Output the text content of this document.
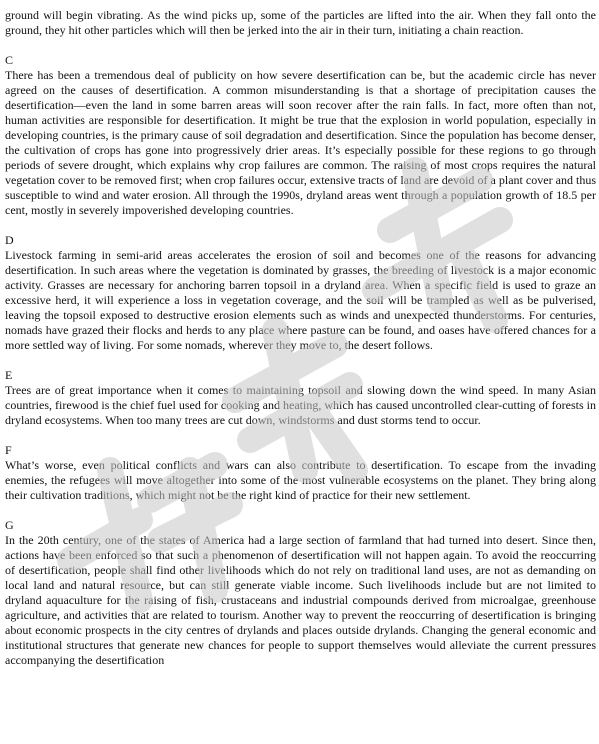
ground will begin vibrating. As the wind picks up, some of the particles are lifted into the air. When they fall onto the ground, they hit other particles which will then be jerked into the air in their turn, initiating a chain reaction.

C

There has been a tremendous deal of publicity on how severe desertification can be, but the academic circle has never agreed on the causes of desertification. A common misunderstanding is that a shortage of precipitation causes the desertification—even the land in some barren areas will soon recover after the rain falls. In fact, more often than not, human activities are responsible for desertification. It might be true that the explosion in world population, especially in developing countries, is the primary cause of soil degradation and desertification. Since the population has become denser, the cultivation of crops has gone into progressively drier areas. It’s especially possible for these regions to go through periods of severe drought, which explains why crop failures are common. The raising of most crops requires the natural vegetation cover to be removed first; when crop failures occur, extensive tracts of land are devoid of a plant cover and thus susceptible to wind and water erosion. All through the 1990s, dryland areas went through a population growth of 18.5 per cent, mostly in severely impoverished developing countries.

D

Livestock farming in semi-arid areas accelerates the erosion of soil and becomes one of the reasons for advancing desertification. In such areas where the vegetation is dominated by grasses, the breeding of livestock is a major economic activity. Grasses are necessary for anchoring barren topsoil in a dryland area. When a specific field is used to graze an excessive herd, it will experience a loss in vegetation coverage, and the soil will be trampled as well as be pulverised, leaving the topsoil exposed to destructive erosion elements such as winds and unexpected thunderstorms. For centuries, nomads have grazed their flocks and herds to any place where pasture can be found, and oases have offered chances for a more settled way of living. For some nomads, wherever they move to, the desert follows.

E

Trees are of great importance when it comes to maintaining topsoil and slowing down the wind speed. In many Asian countries, firewood is the chief fuel used for cooking and heating, which has caused uncontrolled clear-cutting of forests in dryland ecosystems. When too many trees are cut down, windstorms and dust storms tend to occur.

F

What’s worse, even political conflicts and wars can also contribute to desertification. To escape from the invading enemies, the refugees will move altogether into some of the most vulnerable ecosystems on the planet. They bring along their cultivation traditions, which might not be the right kind of practice for their new settlement.

G

In the 20th century, one of the states of America had a large section of farmland that had turned into desert. Since then, actions have been enforced so that such a phenomenon of desertification will not happen again. To avoid the reoccurring of desertification, people shall find other livelihoods which do not rely on traditional land uses, are not as demanding on local land and natural resource, but can still generate viable income. Such livelihoods include but are not limited to dryland aquaculture for the raising of fish, crustaceans and industrial compounds derived from microalgae, greenhouse agriculture, and activities that are related to tourism. Another way to prevent the reoccurring of desertification is bringing about economic prospects in the city centres of drylands and places outside drylands. Changing the general economic and institutional structures that generate new chances for people to support themselves would alleviate the current pressures accompanying the desertification
